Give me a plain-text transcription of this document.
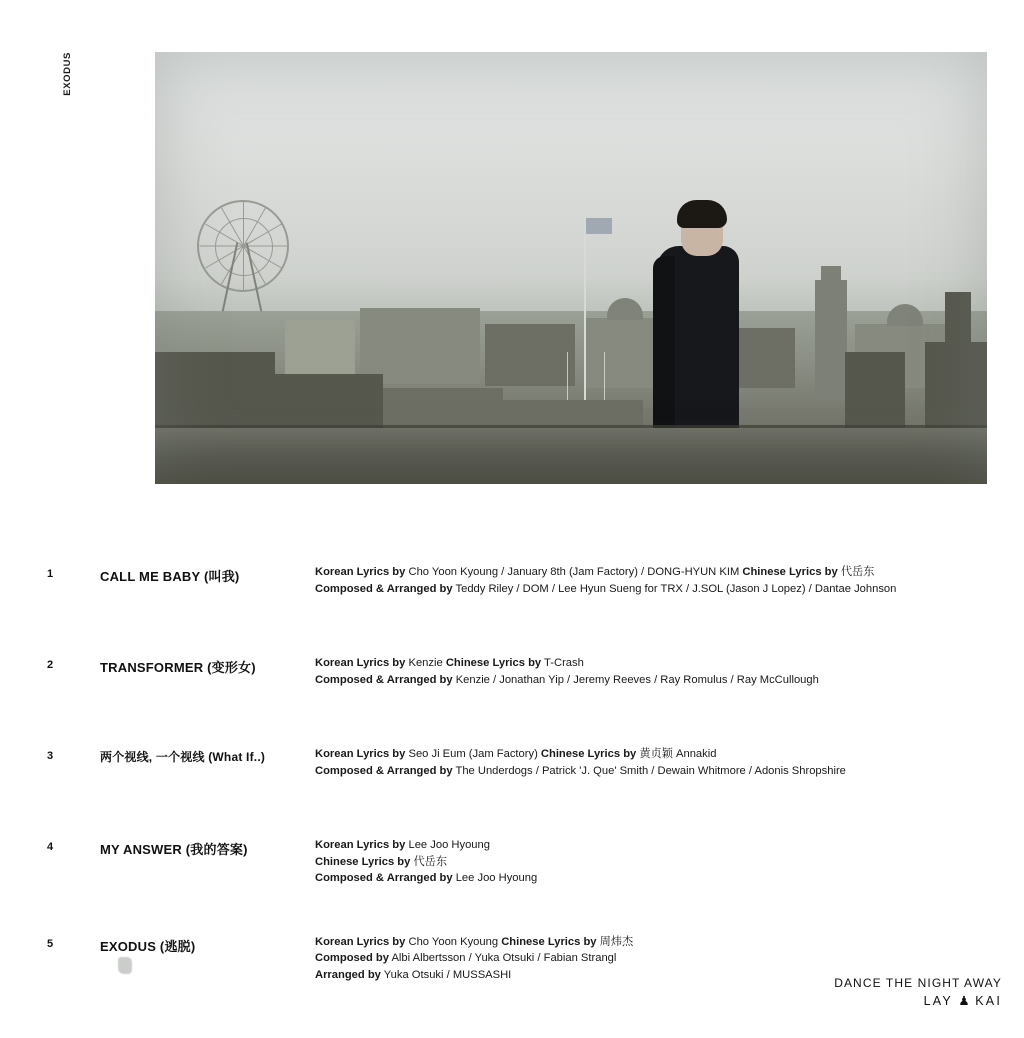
EXODUS
1	CALL ME BABY (叫我)	Korean Lyrics by Cho Yoon Kyoung / January 8th (Jam Factory) / DONG-HYUN KIM Chinese Lyrics by 代岳东
Composed & Arranged by Teddy Riley / DOM / Lee Hyun Sueng for TRX / J.SOL (Jason J Lopez) / Dantae Johnson
2	TRANSFORMER (变形女)	Korean Lyrics by Kenzie Chinese Lyrics by T-Crash
Composed & Arranged by Kenzie / Jonathan Yip / Jeremy Reeves / Ray Romulus / Ray McCullough
3	两个视线, 一个视线 (What If..)	Korean Lyrics by Seo Ji Eum (Jam Factory) Chinese Lyrics by 黄贞颖 Annakid
Composed & Arranged by The Underdogs / Patrick 'J. Que' Smith / Dewain Whitmore / Adonis Shropshire
4	MY ANSWER (我的答案)	Korean Lyrics by Lee Joo Hyoung
Chinese Lyrics by 代岳东
Composed & Arranged by Lee Joo Hyoung
5	EXODUS (逃脱)	Korean Lyrics by Cho Yoon Kyoung Chinese Lyrics by 周炜杰
Composed by Albi Albertsson / Yuka Otsuki / Fabian Strangl
Arranged by Yuka Otsuki / MUSSASHI
DANCE THE NIGHT AWAY
LAY ♟ KAI
